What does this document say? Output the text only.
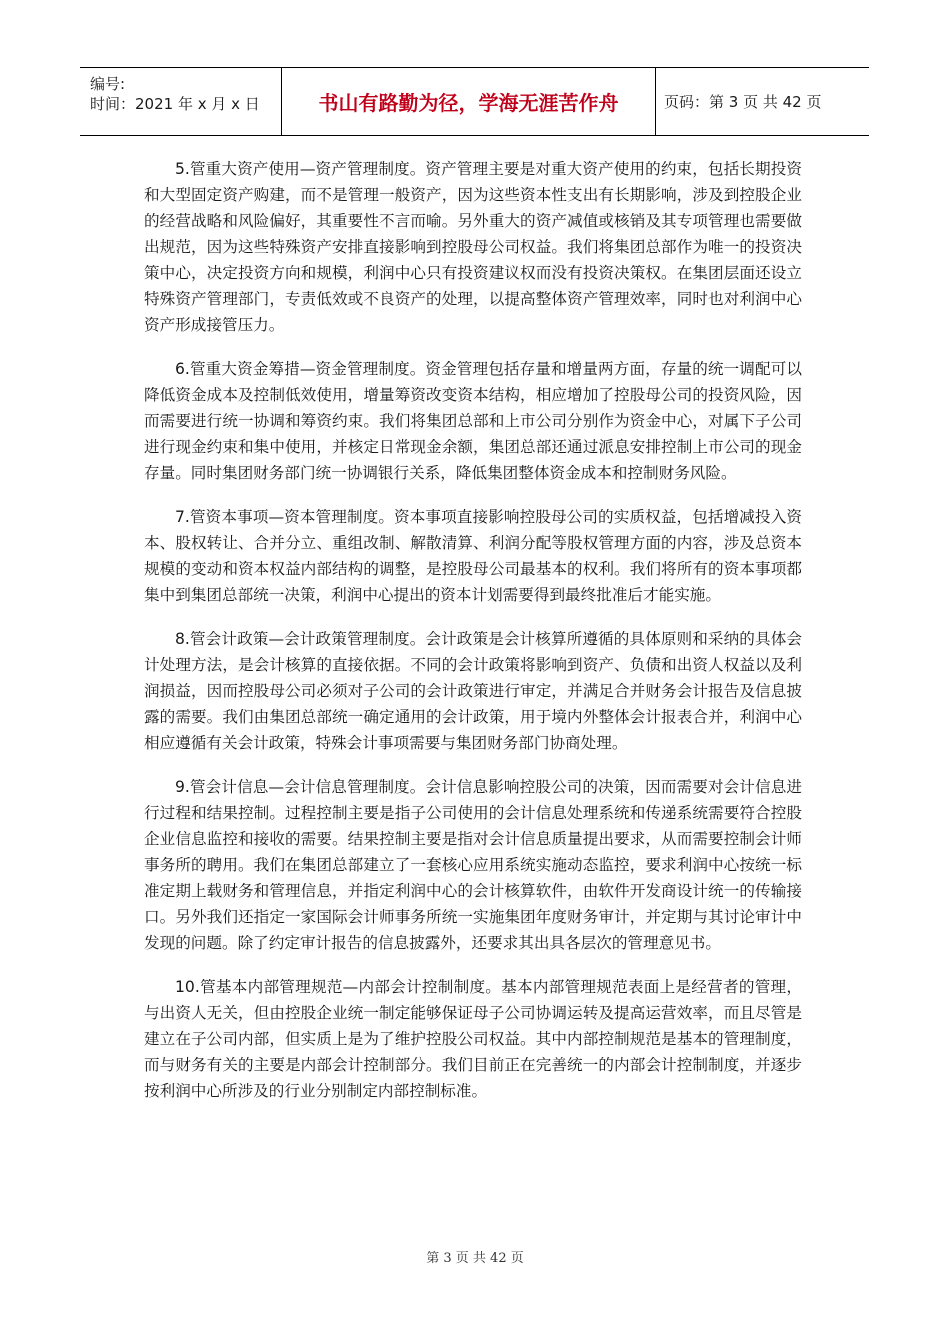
编号:
时间：2021 年 x 月 x 日	书山有路勤为径，学海无涯苦作舟	页码：第 3 页 共 42 页

5.管重大资产使用—资产管理制度。资产管理主要是对重大资产使用的约束，包括长期投资和大型固定资产购建，而不是管理一般资产，因为这些资本性支出有长期影响，涉及到控股企业的经营战略和风险偏好，其重要性不言而喻。另外重大的资产减值或核销及其专项管理也需要做出规范，因为这些特殊资产安排直接影响到控股母公司权益。我们将集团总部作为唯一的投资决策中心，决定投资方向和规模，利润中心只有投资建议权而没有投资决策权。在集团层面还设立特殊资产管理部门，专责低效或不良资产的处理，以提高整体资产管理效率，同时也对利润中心资产形成接管压力。

6.管重大资金筹措—资金管理制度。资金管理包括存量和增量两方面，存量的统一调配可以降低资金成本及控制低效使用，增量筹资改变资本结构，相应增加了控股母公司的投资风险，因而需要进行统一协调和筹资约束。我们将集团总部和上市公司分别作为资金中心，对属下子公司进行现金约束和集中使用，并核定日常现金余额，集团总部还通过派息安排控制上市公司的现金存量。同时集团财务部门统一协调银行关系，降低集团整体资金成本和控制财务风险。

7.管资本事项—资本管理制度。资本事项直接影响控股母公司的实质权益，包括增减投入资本、股权转让、合并分立、重组改制、解散清算、利润分配等股权管理方面的内容，涉及总资本规模的变动和资本权益内部结构的调整，是控股母公司最基本的权利。我们将所有的资本事项都集中到集团总部统一决策，利润中心提出的资本计划需要得到最终批准后才能实施。

8.管会计政策—会计政策管理制度。会计政策是会计核算所遵循的具体原则和采纳的具体会计处理方法，是会计核算的直接依据。不同的会计政策将影响到资产、负债和出资人权益以及利润损益，因而控股母公司必须对子公司的会计政策进行审定，并满足合并财务会计报告及信息披露的需要。我们由集团总部统一确定通用的会计政策，用于境内外整体会计报表合并，利润中心相应遵循有关会计政策，特殊会计事项需要与集团财务部门协商处理。

9.管会计信息—会计信息管理制度。会计信息影响控股公司的决策，因而需要对会计信息进行过程和结果控制。过程控制主要是指子公司使用的会计信息处理系统和传递系统需要符合控股企业信息监控和接收的需要。结果控制主要是指对会计信息质量提出要求，从而需要控制会计师事务所的聘用。我们在集团总部建立了一套核心应用系统实施动态监控，要求利润中心按统一标准定期上载财务和管理信息，并指定利润中心的会计核算软件，由软件开发商设计统一的传输接口。另外我们还指定一家国际会计师事务所统一实施集团年度财务审计，并定期与其讨论审计中发现的问题。除了约定审计报告的信息披露外，还要求其出具各层次的管理意见书。

10.管基本内部管理规范—内部会计控制制度。基本内部管理规范表面上是经营者的管理，与出资人无关，但由控股企业统一制定能够保证母子公司协调运转及提高运营效率，而且尽管是建立在子公司内部，但实质上是为了维护控股公司权益。其中内部控制规范是基本的管理制度，而与财务有关的主要是内部会计控制部分。我们目前正在完善统一的内部会计控制制度，并逐步按利润中心所涉及的行业分别制定内部控制标准。

第 3 页 共 42 页
